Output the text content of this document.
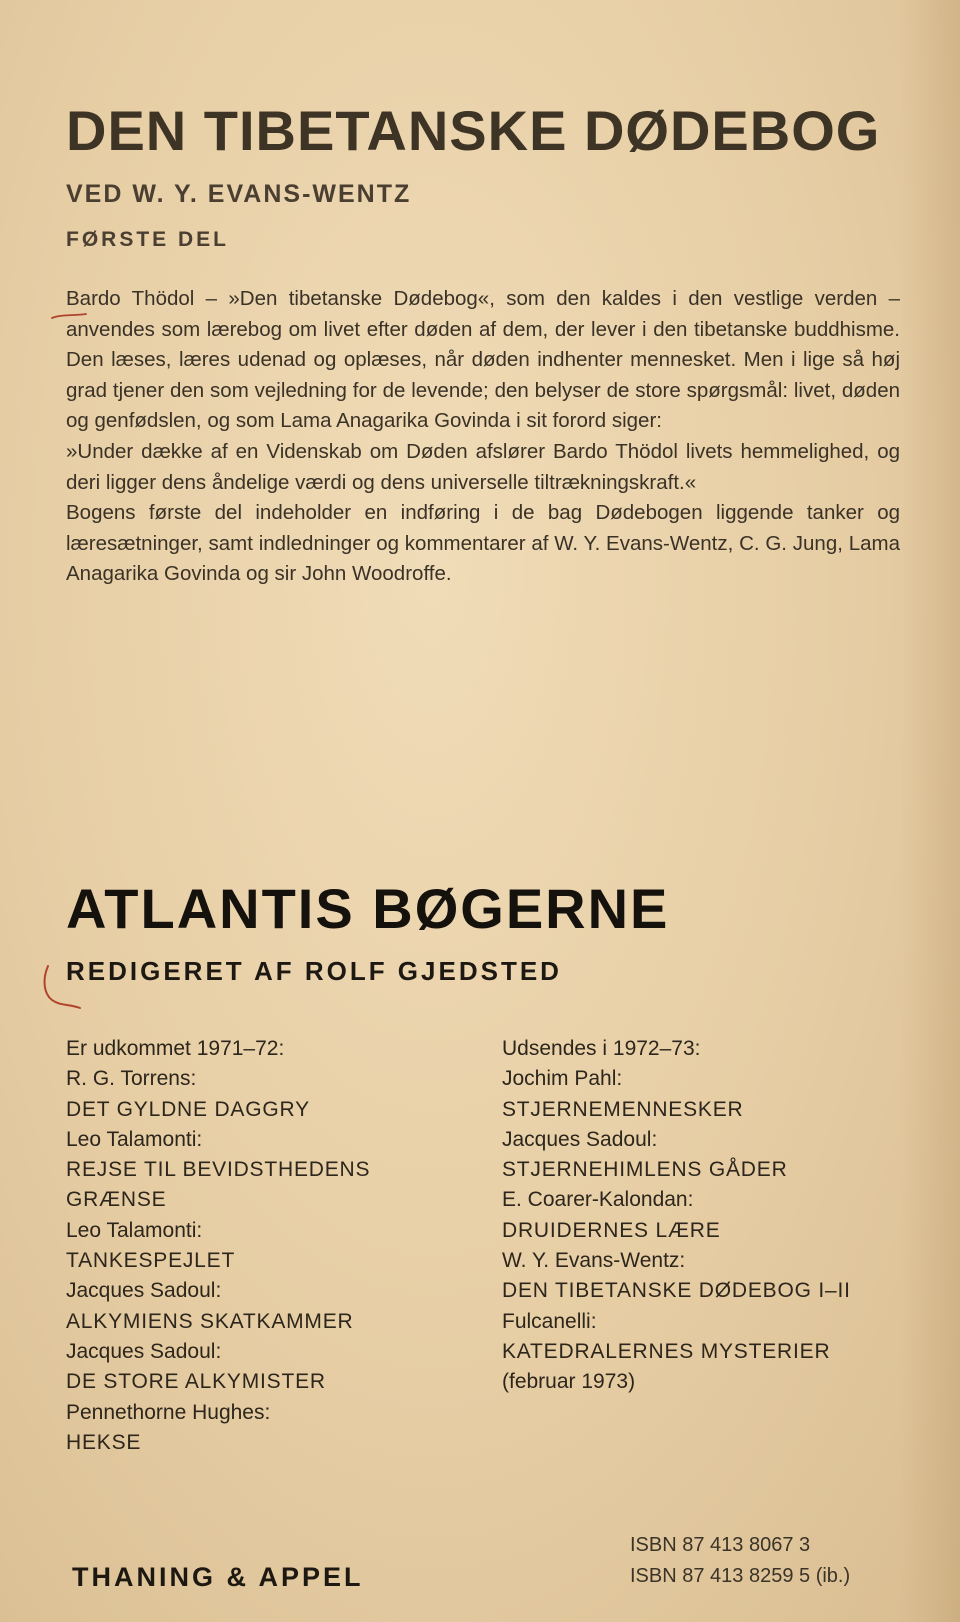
DEN TIBETANSKE DØDEBOG
VED W. Y. EVANS-WENTZ
FØRSTE DEL

Bardo Thödol – »Den tibetanske Dødebog«, som den kaldes i den vestlige verden – anvendes som lærebog om livet efter døden af dem, der lever i den tibetanske buddhisme. Den læses, læres udenad og oplæses, når døden indhenter mennesket. Men i lige så høj grad tjener den som vejledning for de levende; den belyser de store spørgsmål: livet, døden og genfødslen, og som Lama Anagarika Govinda i sit forord siger:

»Under dække af en Videnskab om Døden afslører Bardo Thödol livets hemmelighed, og deri ligger dens åndelige værdi og dens universelle tiltrækningskraft.«

Bogens første del indeholder en indføring i de bag Dødebogen liggende tanker og læresætninger, samt indledninger og kommentarer af W. Y. Evans-Wentz, C. G. Jung, Lama Anagarika Govinda og sir John Woodroffe.

ATLANTIS BØGERNE
REDIGERET AF ROLF GJEDSTED
Er udkommet 1971–72:
R. G. Torrens:
DET GYLDNE DAGGRY
Leo Talamonti:
REJSE TIL BEVIDSTHEDENS
GRÆNSE
Leo Talamonti:
TANKESPEJLET
Jacques Sadoul:
ALKYMIENS SKATKAMMER
Jacques Sadoul:
DE STORE ALKYMISTER
Pennethorne Hughes:
HEKSE
Udsendes i 1972–73:
Jochim Pahl:
STJERNEMENNESKER
Jacques Sadoul:
STJERNEHIMLENS GÅDER
E. Coarer-Kalondan:
DRUIDERNES LÆRE
W. Y. Evans-Wentz:
DEN TIBETANSKE DØDEBOG I–II
Fulcanelli:
KATEDRALERNES MYSTERIER
(februar 1973)
THANING & APPEL
ISBN 87 413 8067 3
ISBN 87 413 8259 5 (ib.)
